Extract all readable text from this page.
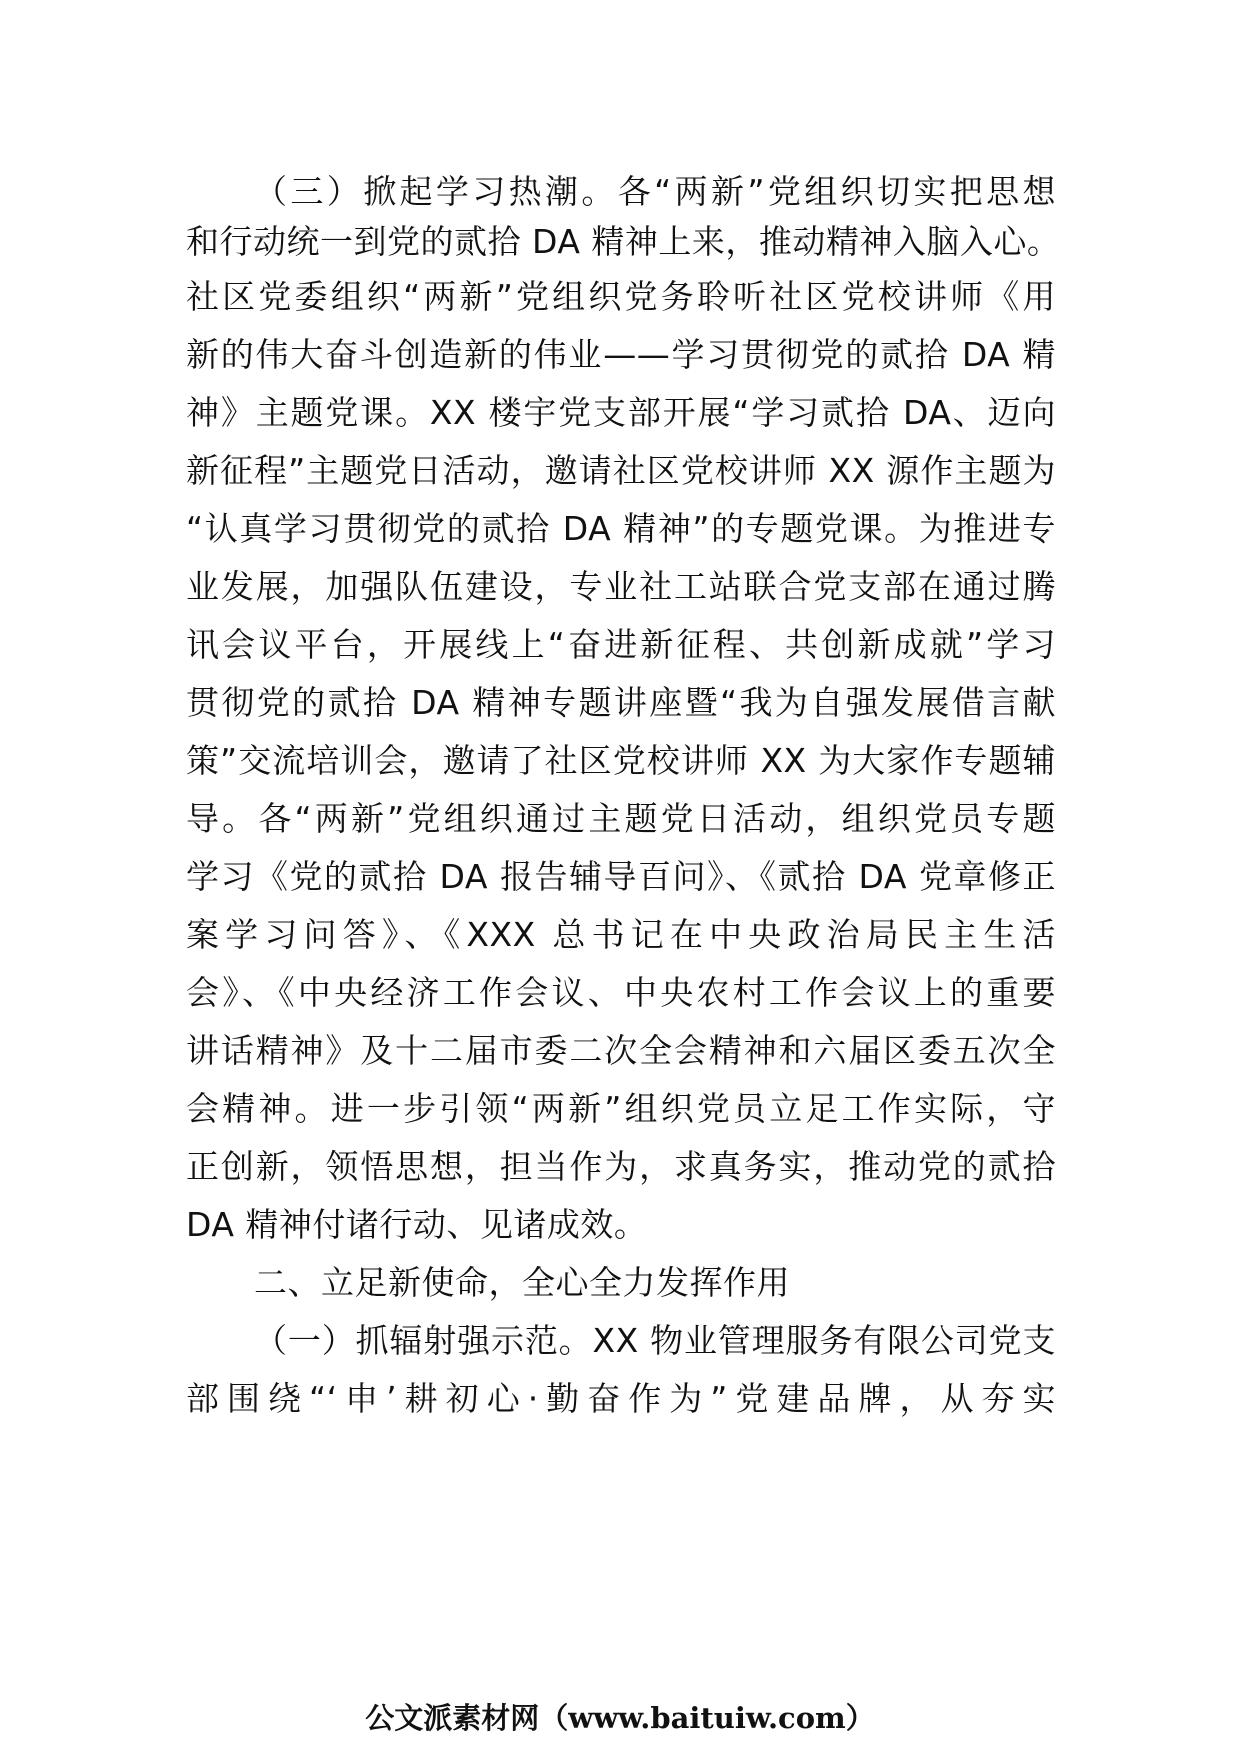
（三）掀起学习热潮。各“两新”党组织切实把思想
和行动统一到党的贰拾 DA 精神上来，推动精神入脑入心。
社区党委组织“两新”党组织党务聆听社区党校讲师《用
新的伟大奋斗创造新的伟业——学习贯彻党的贰拾 DA 精
神》主题党课。XX 楼宇党支部开展“学习贰拾 DA、迈向
新征程”主题党日活动，邀请社区党校讲师 XX 源作主题为
“认真学习贯彻党的贰拾 DA 精神”的专题党课。为推进专
业发展，加强队伍建设，专业社工站联合党支部在通过腾
讯会议平台，开展线上“奋进新征程、共创新成就”学习
贯彻党的贰拾 DA 精神专题讲座暨“我为自强发展借言献
策”交流培训会，邀请了社区党校讲师 XX 为大家作专题辅
导。各“两新”党组织通过主题党日活动，组织党员专题
学习《党的贰拾 DA 报告辅导百问》、《贰拾 DA 党章修正
案学习问答》、《XXX 总书记在中央政治局民主生活
会》、《中央经济工作会议、中央农村工作会议上的重要
讲话精神》及十二届市委二次全会精神和六届区委五次全
会精神。进一步引领“两新”组织党员立足工作实际，守
正创新，领悟思想，担当作为，求真务实，推动党的贰拾
DA 精神付诸行动、见诸成效。
二、立足新使命，全心全力发挥作用
（一）抓辐射强示范。XX 物业管理服务有限公司党支
部围绕“‘申’耕初心·勤奋作为”党建品牌，从夯实
公文派素材网（www.baituiw.com）
